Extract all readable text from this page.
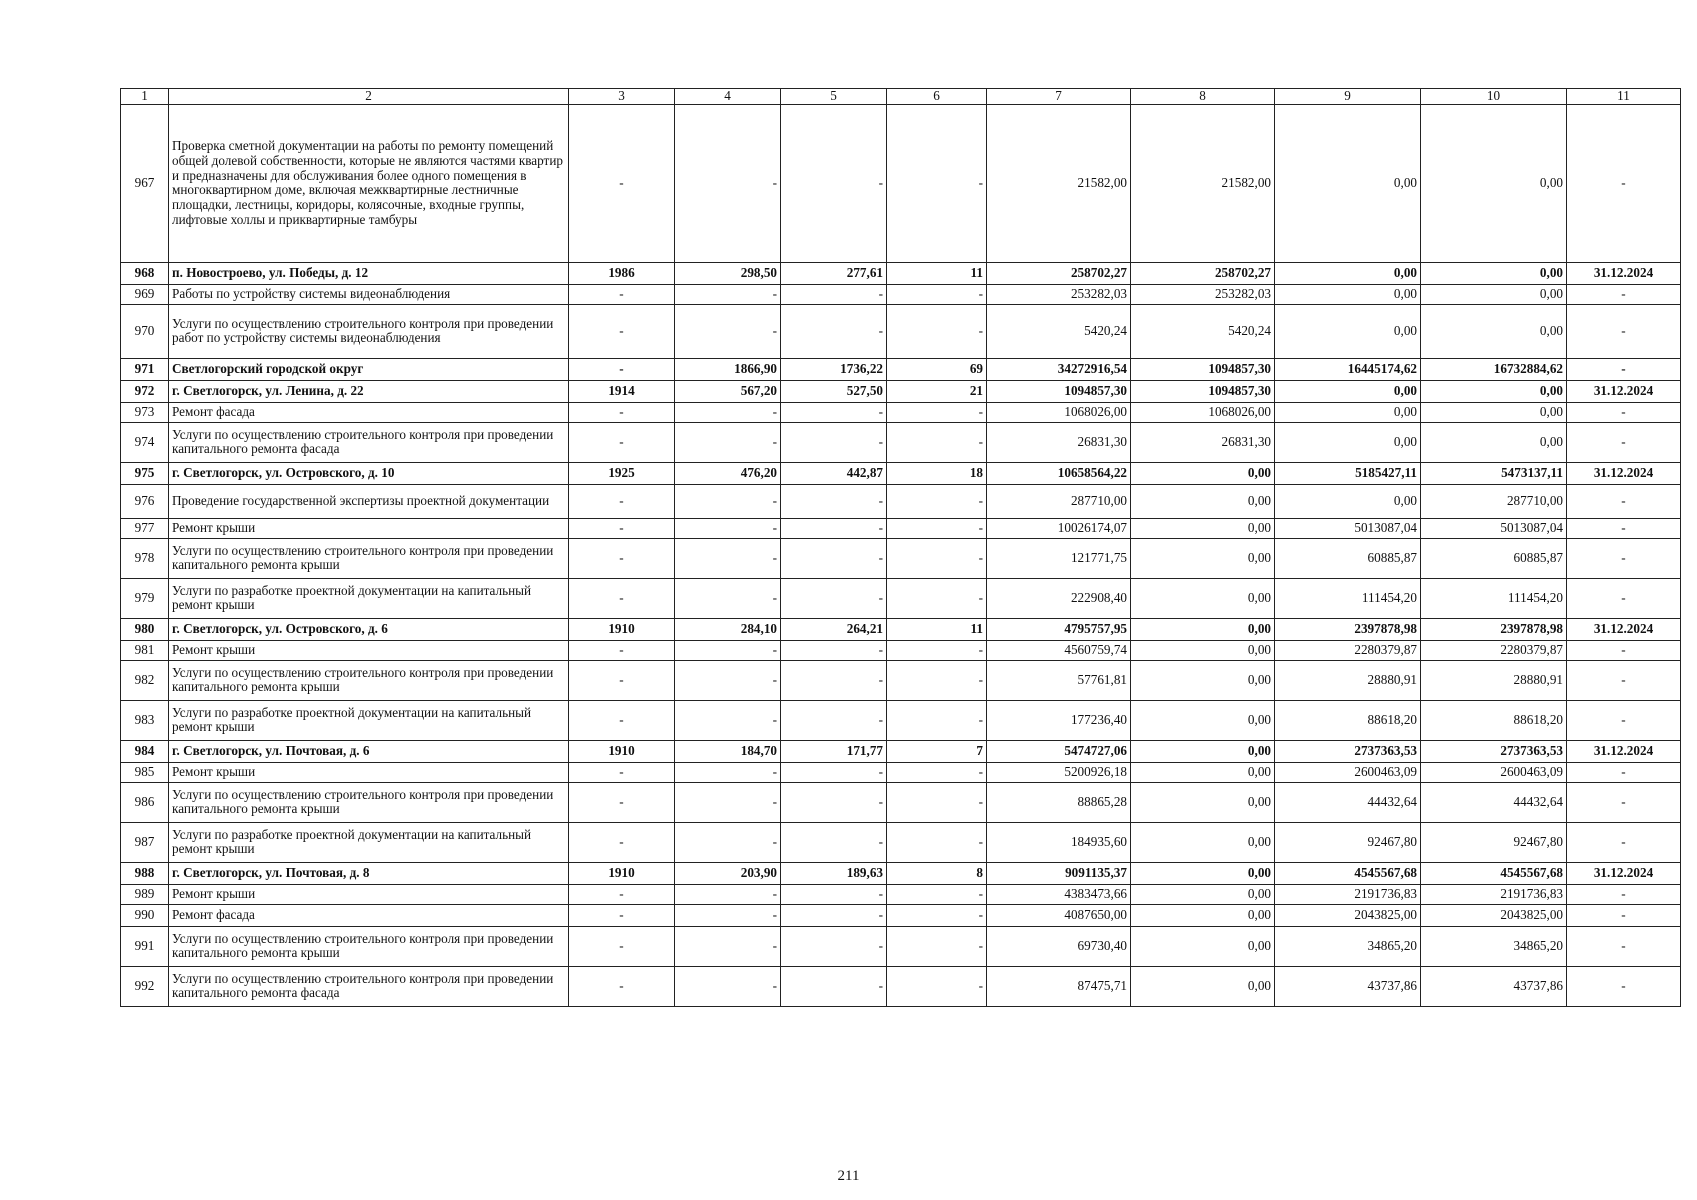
1	2	3	4	5	6	7	8	9	10	11
967	Проверка сметной документации на работы по ремонту помещений общей долевой собственности, которые не являются частями квартир и предназначены для обслуживания более одного помещения в многоквартирном доме, включая межквартирные лестничные площадки, лестницы, коридоры, колясочные, входные группы, лифтовые холлы и приквартирные тамбуры	-	-	-	-	21582,00	21582,00	0,00	0,00	-
968	п. Новостроево, ул. Победы, д. 12	1986	298,50	277,61	11	258702,27	258702,27	0,00	0,00	31.12.2024
969	Работы по устройству системы видеонаблюдения	-	-	-	-	253282,03	253282,03	0,00	0,00	-
970	Услуги по осуществлению строительного контроля при проведении работ по устройству системы видеонаблюдения	-	-	-	-	5420,24	5420,24	0,00	0,00	-
971	Светлогорский городской округ	-	1866,90	1736,22	69	34272916,54	1094857,30	16445174,62	16732884,62	-
972	г. Светлогорск, ул. Ленина, д. 22	1914	567,20	527,50	21	1094857,30	1094857,30	0,00	0,00	31.12.2024
973	Ремонт фасада	-	-	-	-	1068026,00	1068026,00	0,00	0,00	-
974	Услуги по осуществлению строительного контроля при проведении капитального ремонта фасада	-	-	-	-	26831,30	26831,30	0,00	0,00	-
975	г. Светлогорск, ул. Островского, д. 10	1925	476,20	442,87	18	10658564,22	0,00	5185427,11	5473137,11	31.12.2024
976	Проведение государственной экспертизы проектной документации	-	-	-	-	287710,00	0,00	0,00	287710,00	-
977	Ремонт крыши	-	-	-	-	10026174,07	0,00	5013087,04	5013087,04	-
978	Услуги по осуществлению строительного контроля при проведении капитального ремонта крыши	-	-	-	-	121771,75	0,00	60885,87	60885,87	-
979	Услуги по разработке проектной документации на капитальный ремонт крыши	-	-	-	-	222908,40	0,00	111454,20	111454,20	-
980	г. Светлогорск, ул. Островского, д. 6	1910	284,10	264,21	11	4795757,95	0,00	2397878,98	2397878,98	31.12.2024
981	Ремонт крыши	-	-	-	-	4560759,74	0,00	2280379,87	2280379,87	-
982	Услуги по осуществлению строительного контроля при проведении капитального ремонта крыши	-	-	-	-	57761,81	0,00	28880,91	28880,91	-
983	Услуги по разработке проектной документации на капитальный ремонт крыши	-	-	-	-	177236,40	0,00	88618,20	88618,20	-
984	г. Светлогорск, ул. Почтовая, д. 6	1910	184,70	171,77	7	5474727,06	0,00	2737363,53	2737363,53	31.12.2024
985	Ремонт крыши	-	-	-	-	5200926,18	0,00	2600463,09	2600463,09	-
986	Услуги по осуществлению строительного контроля при проведении капитального ремонта крыши	-	-	-	-	88865,28	0,00	44432,64	44432,64	-
987	Услуги по разработке проектной документации на капитальный ремонт крыши	-	-	-	-	184935,60	0,00	92467,80	92467,80	-
988	г. Светлогорск, ул. Почтовая, д. 8	1910	203,90	189,63	8	9091135,37	0,00	4545567,68	4545567,68	31.12.2024
989	Ремонт крыши	-	-	-	-	4383473,66	0,00	2191736,83	2191736,83	-
990	Ремонт фасада	-	-	-	-	4087650,00	0,00	2043825,00	2043825,00	-
991	Услуги по осуществлению строительного контроля при проведении капитального ремонта крыши	-	-	-	-	69730,40	0,00	34865,20	34865,20	-
992	Услуги по осуществлению строительного контроля при проведении капитального ремонта фасада	-	-	-	-	87475,71	0,00	43737,86	43737,86	-
211
